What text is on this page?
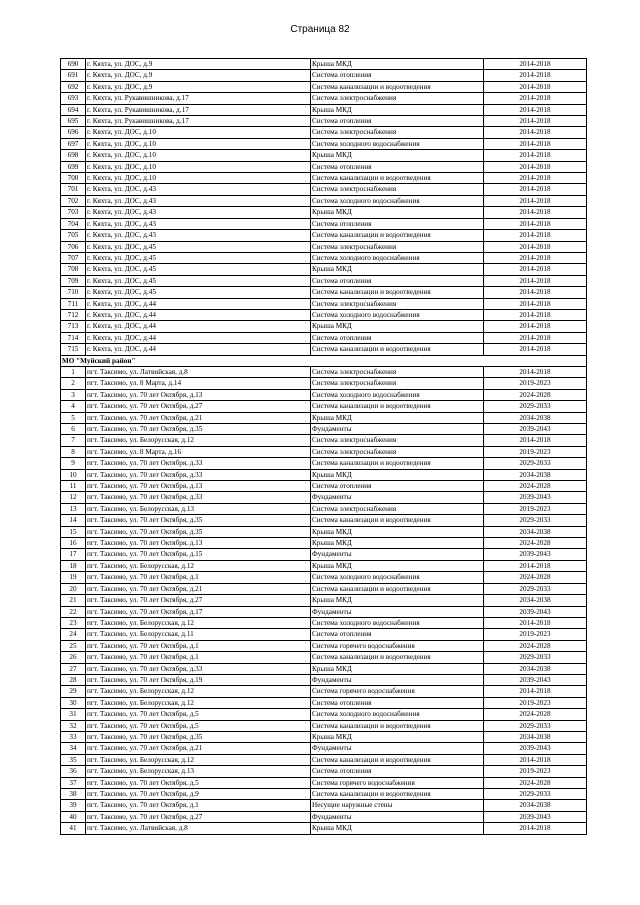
Страница 82
690	г. Кяхта, ул. ДОС, д.9	Крыша МКД	2014-2018
691	г. Кяхта, ул. ДОС, д.9	Система отопления	2014-2018
692	г. Кяхта, ул. ДОС, д.9	Система канализации и водоотведения	2014-2018
693	г. Кяхта, ул. Рукавишникова, д.17	Система электроснабжения	2014-2018
694	г. Кяхта, ул. Рукавишникова, д.17	Крыша МКД	2014-2018
695	г. Кяхта, ул. Рукавишникова, д.17	Система отопления	2014-2018
696	г. Кяхта, ул. ДОС, д.10	Система электроснабжения	2014-2018
697	г. Кяхта, ул. ДОС, д.10	Система холодного водоснабжения	2014-2018
698	г. Кяхта, ул. ДОС, д.10	Крыша МКД	2014-2018
699	г. Кяхта, ул. ДОС, д.10	Система отопления	2014-2018
700	г. Кяхта, ул. ДОС, д.10	Система канализации и водоотведения	2014-2018
701	г. Кяхта, ул. ДОС, д.43	Система электроснабжения	2014-2018
702	г. Кяхта, ул. ДОС, д.43	Система холодного водоснабжения	2014-2018
703	г. Кяхта, ул. ДОС, д.43	Крыша МКД	2014-2018
704	г. Кяхта, ул. ДОС, д.43	Система отопления	2014-2018
705	г. Кяхта, ул. ДОС, д.43	Система канализации и водоотведения	2014-2018
706	г. Кяхта, ул. ДОС, д.45	Система электроснабжения	2014-2018
707	г. Кяхта, ул. ДОС, д.45	Система холодного водоснабжения	2014-2018
708	г. Кяхта, ул. ДОС, д.45	Крыша МКД	2014-2018
709	г. Кяхта, ул. ДОС, д.45	Система отопления	2014-2018
710	г. Кяхта, ул. ДОС, д.45	Система канализации и водоотведения	2014-2018
711	г. Кяхта, ул. ДОС, д.44	Система электроснабжения	2014-2018
712	г. Кяхта, ул. ДОС, д.44	Система холодного водоснабжения	2014-2018
713	г. Кяхта, ул. ДОС, д.44	Крыша МКД	2014-2018
714	г. Кяхта, ул. ДОС, д.44	Система отопления	2014-2018
715	г. Кяхта, ул. ДОС, д.44	Система канализации и водоотведения	2014-2018
МО "Муйский район"			
1	пгт. Таксимо, ул. Латвийская, д.8	Система электроснабжения	2014-2018
2	пгт. Таксимо, ул. 8 Марта, д.14	Система электроснабжения	2019-2023
3	пгт. Таксимо, ул. 70 лет Октября, д.13	Система холодного водоснабжения	2024-2028
4	пгт. Таксимо, ул. 70 лет Октября, д.27	Система канализации и водоотведения	2029-2033
5	пгт. Таксимо, ул. 70 лет Октября, д.21	Крыша МКД	2034-2038
6	пгт. Таксимо, ул. 70 лет Октября, д.35	Фундаменты	2039-2043
7	пгт. Таксимо, ул. Белорусская, д.12	Система электроснабжения	2014-2018
8	пгт. Таксимо, ул. 8 Марта, д.16	Система электроснабжения	2019-2023
9	пгт. Таксимо, ул. 70 лет Октября, д.33	Система канализации и водоотведения	2029-2033
10	пгт. Таксимо, ул. 70 лет Октября, д.33	Крыша МКД	2034-2038
11	пгт. Таксимо, ул. 70 лет Октября, д.13	Система отопления	2024-2028
12	пгт. Таксимо, ул. 70 лет Октября, д.33	Фундаменты	2039-2043
13	пгт. Таксимо, ул. Белорусская, д.13	Система электроснабжения	2019-2023
14	пгт. Таксимо, ул. 70 лет Октября, д.35	Система канализации и водоотведения	2029-2033
15	пгт. Таксимо, ул. 70 лет Октября, д.35	Крыша МКД	2034-2038
16	пгт. Таксимо, ул. 70 лет Октября, д.13	Крыша МКД	2024-2028
17	пгт. Таксимо, ул. 70 лет Октября, д.15	Фундаменты	2039-2043
18	пгт. Таксимо, ул. Белорусская, д.12	Крыша МКД	2014-2018
19	пгт. Таксимо, ул. 70 лет Октября, д.1	Система холодного водоснабжения	2024-2028
20	пгт. Таксимо, ул. 70 лет Октября, д.21	Система канализации и водоотведения	2029-2033
21	пгт. Таксимо, ул. 70 лет Октября, д.27	Крыша МКД	2034-2038
22	пгт. Таксимо, ул. 70 лет Октября, д.17	Фундаменты	2039-2043
23	пгт. Таксимо, ул. Белорусская, д.12	Система холодного водоснабжения	2014-2018
24	пгт. Таксимо, ул. Белорусская, д.11	Система отопления	2019-2023
25	пгт. Таксимо, ул. 70 лет Октября, д.1	Система горячего водоснабжения	2024-2028
26	пгт. Таксимо, ул. 70 лет Октября, д.1	Система канализации и водоотведения	2029-2033
27	пгт. Таксимо, ул. 70 лет Октября, д.33	Крыша МКД	2034-2038
28	пгт. Таксимо, ул. 70 лет Октября, д.19	Фундаменты	2039-2043
29	пгт. Таксимо, ул. Белорусская, д.12	Система горячего водоснабжения	2014-2018
30	пгт. Таксимо, ул. Белорусская, д.12	Система отопления	2019-2023
31	пгт. Таксимо, ул. 70 лет Октября, д.5	Система холодного водоснабжения	2024-2028
32	пгт. Таксимо, ул. 70 лет Октября, д.5	Система канализации и водоотведения	2029-2033
33	пгт. Таксимо, ул. 70 лет Октября, д.35	Крыша МКД	2034-2038
34	пгт. Таксимо, ул. 70 лет Октября, д.21	Фундаменты	2039-2043
35	пгт. Таксимо, ул. Белорусская, д.12	Система канализации и водоотведения	2014-2018
36	пгт. Таксимо, ул. Белорусская, д.13	Система отопления	2019-2023
37	пгт. Таксимо, ул. 70 лет Октября, д.5	Система горячего водоснабжения	2024-2028
38	пгт. Таксимо, ул. 70 лет Октября, д.9	Система канализации и водоотведения	2029-2033
39	пгт. Таксимо, ул. 70 лет Октября, д.1	Несущие наружные стены	2034-2038
40	пгт. Таксимо, ул. 70 лет Октября, д.27	Фундаменты	2039-2043
41	пгт. Таксимо, ул. Латвийская, д.8	Крыша МКД	2014-2018
